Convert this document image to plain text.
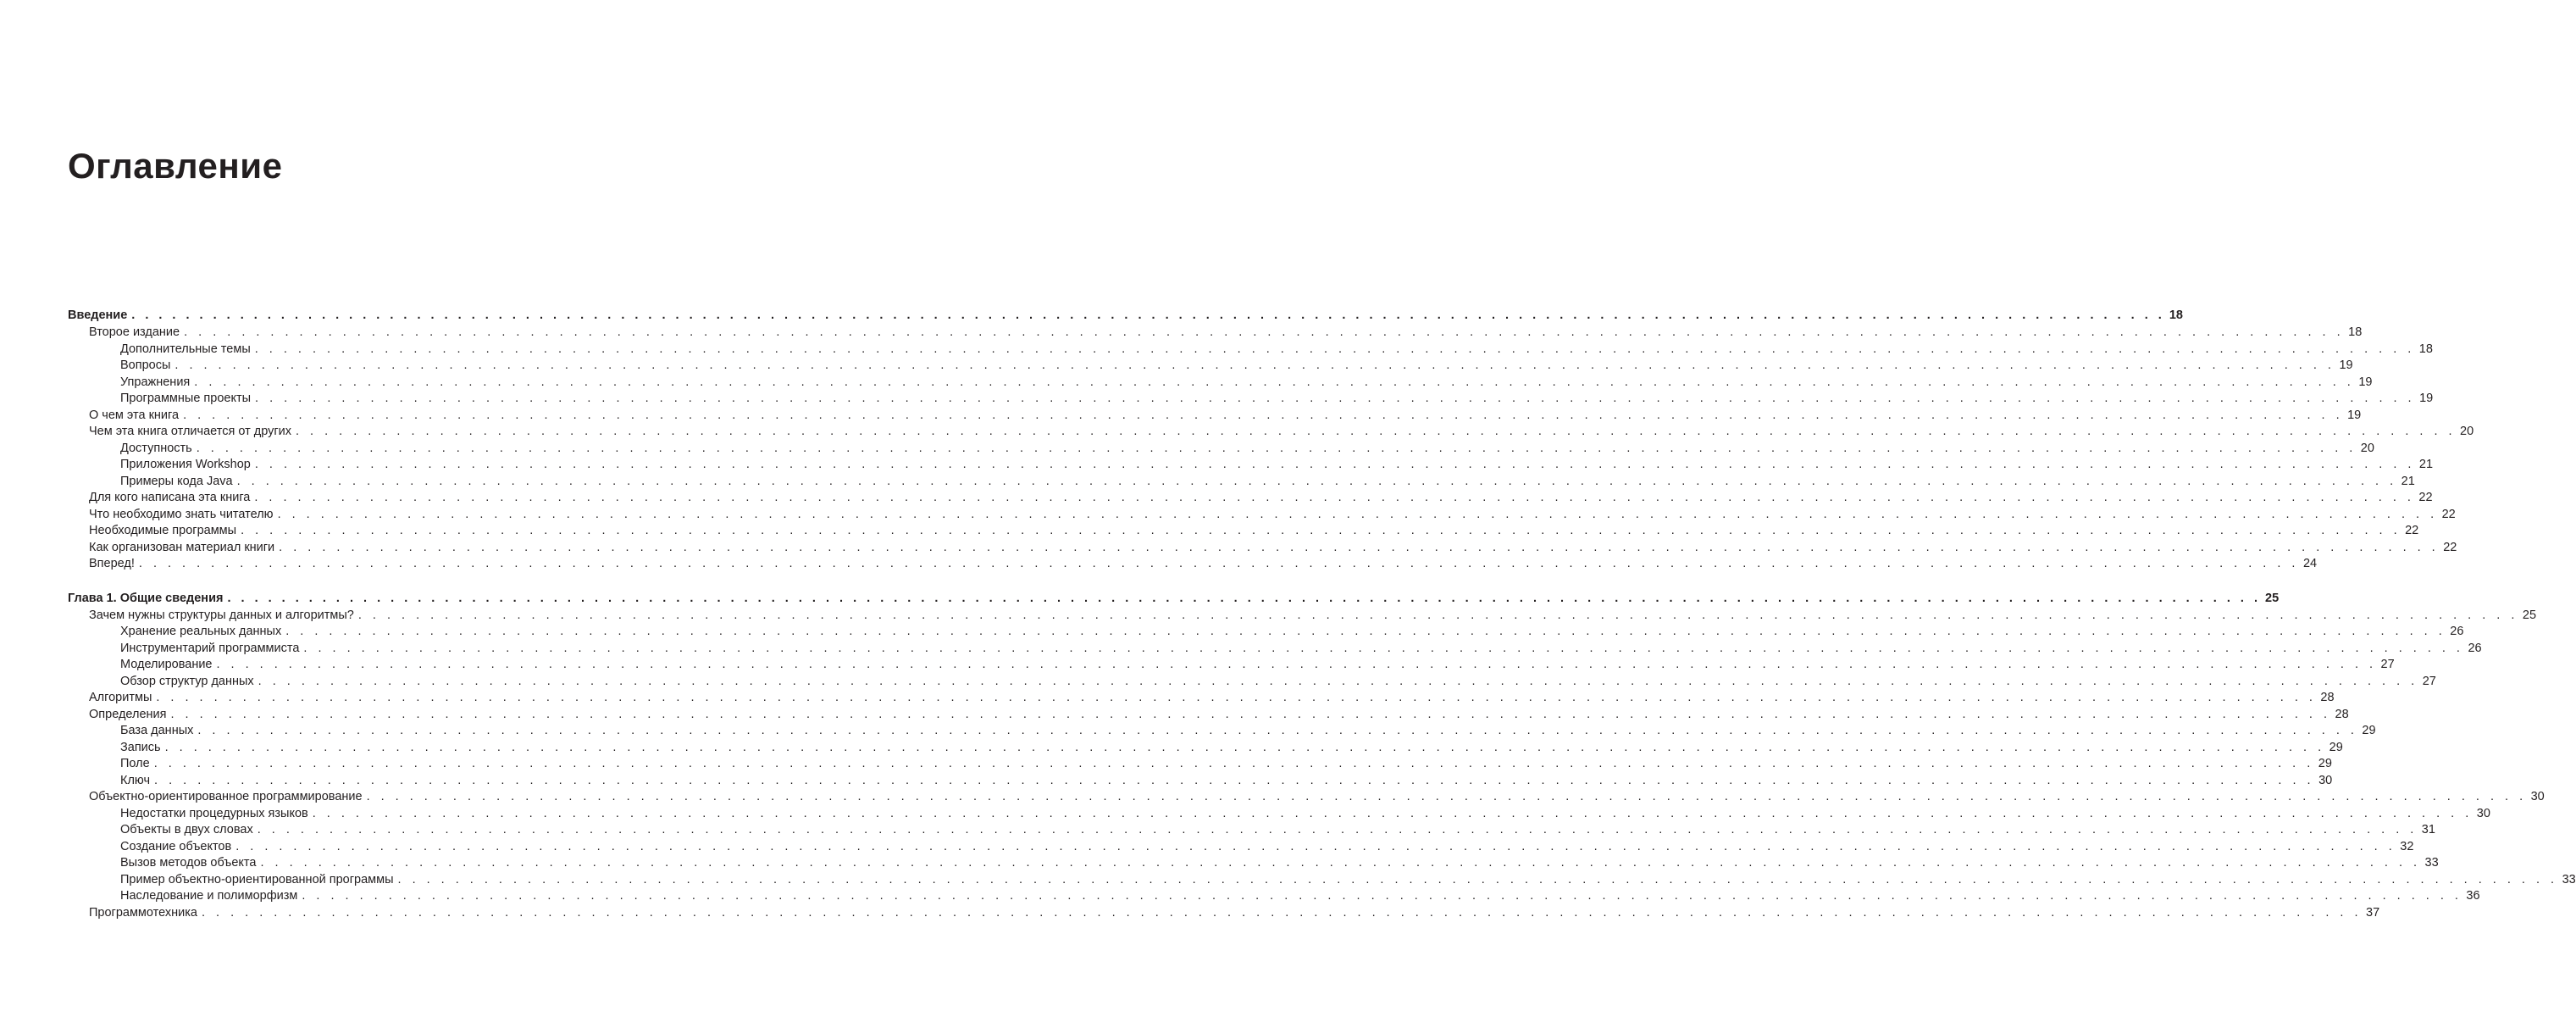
Оглавление
Введение . . . . . . . . . . . . . . . . . . . . . . . . . . . . . . . . . . . . . . . . . . . . . . . . . . . . . . . . . . . . . . . . . . . . . . . . . . . . . . . . . . . . . . . . . . . . . . . . . . . . . . . . . . . . . . . . . . . . . . . . . . . . . . . . . . . . . . . . . . . . . . . . . . . . . . 18
Второе издание . . . . . . . . . . . . . . . . . . . . . . . . . . . . . . . . . . . . . . . . . . . . . . . . . . . . . . . . . . . . . . . . . . . . . . . . . . . . . . . . . . . . . . . . . . . . . . . . . . . . . . . . . . . . . . . . . . . . . . . . . . . . . . . . . . . . . . . . . . . . . . . . . . . . . . 18
Дополнительные темы . . . . . . . . . . . . . . . . . . . . . . . . . . . . . . . . . . . . . . . . . . . . . . . . . . . . . . . . . . . . . . . . . . . . . . . . . . . . . . . . . . . . . . . . . . . . . . . . . . . . . . . . . . . . . . . . . . . . . . . . . . . . . . . . . . . . . . . . . . . . . . . . . . . . . . 18
Вопросы . . . . . . . . . . . . . . . . . . . . . . . . . . . . . . . . . . . . . . . . . . . . . . . . . . . . . . . . . . . . . . . . . . . . . . . . . . . . . . . . . . . . . . . . . . . . . . . . . . . . . . . . . . . . . . . . . . . . . . . . . . . . . . . . . . . . . . . . . . . . . . . . . . . . . . 19
Упражнения . . . . . . . . . . . . . . . . . . . . . . . . . . . . . . . . . . . . . . . . . . . . . . . . . . . . . . . . . . . . . . . . . . . . . . . . . . . . . . . . . . . . . . . . . . . . . . . . . . . . . . . . . . . . . . . . . . . . . . . . . . . . . . . . . . . . . . . . . . . . . . . . . . . . . . 19
Программные проекты . . . . . . . . . . . . . . . . . . . . . . . . . . . . . . . . . . . . . . . . . . . . . . . . . . . . . . . . . . . . . . . . . . . . . . . . . . . . . . . . . . . . . . . . . . . . . . . . . . . . . . . . . . . . . . . . . . . . . . . . . . . . . . . . . . . . . . . . . . . . . . . . . . . . . . 19
О чем эта книга . . . . . . . . . . . . . . . . . . . . . . . . . . . . . . . . . . . . . . . . . . . . . . . . . . . . . . . . . . . . . . . . . . . . . . . . . . . . . . . . . . . . . . . . . . . . . . . . . . . . . . . . . . . . . . . . . . . . . . . . . . . . . . . . . . . . . . . . . . . . . . . . . . . . . . 19
Чем эта книга отличается от других . . . . . . . . . . . . . . . . . . . . . . . . . . . . . . . . . . . . . . . . . . . . . . . . . . . . . . . . . . . . . . . . . . . . . . . . . . . . . . . . . . . . . . . . . . . . . . . . . . . . . . . . . . . . . . . . . . . . . . . . . . . . . . . . . . . . . . . . . . . . . . . . . . . . . . 20
Доступность . . . . . . . . . . . . . . . . . . . . . . . . . . . . . . . . . . . . . . . . . . . . . . . . . . . . . . . . . . . . . . . . . . . . . . . . . . . . . . . . . . . . . . . . . . . . . . . . . . . . . . . . . . . . . . . . . . . . . . . . . . . . . . . . . . . . . . . . . . . . . . . . . . . . . . 20
Приложения Workshop . . . . . . . . . . . . . . . . . . . . . . . . . . . . . . . . . . . . . . . . . . . . . . . . . . . . . . . . . . . . . . . . . . . . . . . . . . . . . . . . . . . . . . . . . . . . . . . . . . . . . . . . . . . . . . . . . . . . . . . . . . . . . . . . . . . . . . . . . . . . . . . . . . . . . . 21
Примеры кода Java . . . . . . . . . . . . . . . . . . . . . . . . . . . . . . . . . . . . . . . . . . . . . . . . . . . . . . . . . . . . . . . . . . . . . . . . . . . . . . . . . . . . . . . . . . . . . . . . . . . . . . . . . . . . . . . . . . . . . . . . . . . . . . . . . . . . . . . . . . . . . . . . . . . . . . 21
Для кого написана эта книга . . . . . . . . . . . . . . . . . . . . . . . . . . . . . . . . . . . . . . . . . . . . . . . . . . . . . . . . . . . . . . . . . . . . . . . . . . . . . . . . . . . . . . . . . . . . . . . . . . . . . . . . . . . . . . . . . . . . . . . . . . . . . . . . . . . . . . . . . . . . . . . . . . . . . . 22
Что необходимо знать читателю . . . . . . . . . . . . . . . . . . . . . . . . . . . . . . . . . . . . . . . . . . . . . . . . . . . . . . . . . . . . . . . . . . . . . . . . . . . . . . . . . . . . . . . . . . . . . . . . . . . . . . . . . . . . . . . . . . . . . . . . . . . . . . . . . . . . . . . . . . . . . . . . . . . . . . 22
Необходимые программы . . . . . . . . . . . . . . . . . . . . . . . . . . . . . . . . . . . . . . . . . . . . . . . . . . . . . . . . . . . . . . . . . . . . . . . . . . . . . . . . . . . . . . . . . . . . . . . . . . . . . . . . . . . . . . . . . . . . . . . . . . . . . . . . . . . . . . . . . . . . . . . . . . . . . . 22
Как организован материал книги . . . . . . . . . . . . . . . . . . . . . . . . . . . . . . . . . . . . . . . . . . . . . . . . . . . . . . . . . . . . . . . . . . . . . . . . . . . . . . . . . . . . . . . . . . . . . . . . . . . . . . . . . . . . . . . . . . . . . . . . . . . . . . . . . . . . . . . . . . . . . . . . . . . . . . 22
Вперед! . . . . . . . . . . . . . . . . . . . . . . . . . . . . . . . . . . . . . . . . . . . . . . . . . . . . . . . . . . . . . . . . . . . . . . . . . . . . . . . . . . . . . . . . . . . . . . . . . . . . . . . . . . . . . . . . . . . . . . . . . . . . . . . . . . . . . . . . . . . . . . . . . . . . . . 24
Глава 1. Общие сведения . . . . . . . . . . . . . . . . . . . . . . . . . . . . . . . . . . . . . . . . . . . . . . . . . . . . . . . . . . . . . . . . . . . . . . . . . . . . . . . . . . . . . . . . . . . . . . . . . . . . . . . . . . . . . . . . . . . . . . . . . . . . . . . . . . . . . . . . . . . . . . . . . . . . . . 25
Зачем нужны структуры данных и алгоритмы? . . . . . . . . . . . . . . . . . . . . . . . . . . . . . . . . . . . . . . . . . . . . . . . . . . . . . . . . . . . . . . . . . . . . . . . . . . . . . . . . . . . . . . . . . . . . . . . . . . . . . . . . . . . . . . . . . . . . . . . . . . . . . . . . . . . . . . . . . . . . . . . . . . . . . . 25
Хранение реальных данных . . . . . . . . . . . . . . . . . . . . . . . . . . . . . . . . . . . . . . . . . . . . . . . . . . . . . . . . . . . . . . . . . . . . . . . . . . . . . . . . . . . . . . . . . . . . . . . . . . . . . . . . . . . . . . . . . . . . . . . . . . . . . . . . . . . . . . . . . . . . . . . . . . . . . . 26
Инструментарий программиста . . . . . . . . . . . . . . . . . . . . . . . . . . . . . . . . . . . . . . . . . . . . . . . . . . . . . . . . . . . . . . . . . . . . . . . . . . . . . . . . . . . . . . . . . . . . . . . . . . . . . . . . . . . . . . . . . . . . . . . . . . . . . . . . . . . . . . . . . . . . . . . . . . . . . . 26
Моделирование . . . . . . . . . . . . . . . . . . . . . . . . . . . . . . . . . . . . . . . . . . . . . . . . . . . . . . . . . . . . . . . . . . . . . . . . . . . . . . . . . . . . . . . . . . . . . . . . . . . . . . . . . . . . . . . . . . . . . . . . . . . . . . . . . . . . . . . . . . . . . . . . . . . . . . 27
Обзор структур данных . . . . . . . . . . . . . . . . . . . . . . . . . . . . . . . . . . . . . . . . . . . . . . . . . . . . . . . . . . . . . . . . . . . . . . . . . . . . . . . . . . . . . . . . . . . . . . . . . . . . . . . . . . . . . . . . . . . . . . . . . . . . . . . . . . . . . . . . . . . . . . . . . . . . . . 27
Алгоритмы . . . . . . . . . . . . . . . . . . . . . . . . . . . . . . . . . . . . . . . . . . . . . . . . . . . . . . . . . . . . . . . . . . . . . . . . . . . . . . . . . . . . . . . . . . . . . . . . . . . . . . . . . . . . . . . . . . . . . . . . . . . . . . . . . . . . . . . . . . . . . . . . . . . . . . 28
Определения . . . . . . . . . . . . . . . . . . . . . . . . . . . . . . . . . . . . . . . . . . . . . . . . . . . . . . . . . . . . . . . . . . . . . . . . . . . . . . . . . . . . . . . . . . . . . . . . . . . . . . . . . . . . . . . . . . . . . . . . . . . . . . . . . . . . . . . . . . . . . . . . . . . . . . 28
База данных . . . . . . . . . . . . . . . . . . . . . . . . . . . . . . . . . . . . . . . . . . . . . . . . . . . . . . . . . . . . . . . . . . . . . . . . . . . . . . . . . . . . . . . . . . . . . . . . . . . . . . . . . . . . . . . . . . . . . . . . . . . . . . . . . . . . . . . . . . . . . . . . . . . . . . 29
Запись . . . . . . . . . . . . . . . . . . . . . . . . . . . . . . . . . . . . . . . . . . . . . . . . . . . . . . . . . . . . . . . . . . . . . . . . . . . . . . . . . . . . . . . . . . . . . . . . . . . . . . . . . . . . . . . . . . . . . . . . . . . . . . . . . . . . . . . . . . . . . . . . . . . . . . 29
Поле . . . . . . . . . . . . . . . . . . . . . . . . . . . . . . . . . . . . . . . . . . . . . . . . . . . . . . . . . . . . . . . . . . . . . . . . . . . . . . . . . . . . . . . . . . . . . . . . . . . . . . . . . . . . . . . . . . . . . . . . . . . . . . . . . . . . . . . . . . . . . . . . . . . . . . 29
Ключ . . . . . . . . . . . . . . . . . . . . . . . . . . . . . . . . . . . . . . . . . . . . . . . . . . . . . . . . . . . . . . . . . . . . . . . . . . . . . . . . . . . . . . . . . . . . . . . . . . . . . . . . . . . . . . . . . . . . . . . . . . . . . . . . . . . . . . . . . . . . . . . . . . . . . . 30
Объектно-ориентированное программирование . . . . . . . . . . . . . . . . . . . . . . . . . . . . . . . . . . . . . . . . . . . . . . . . . . . . . . . . . . . . . . . . . . . . . . . . . . . . . . . . . . . . . . . . . . . . . . . . . . . . . . . . . . . . . . . . . . . . . . . . . . . . . . . . . . . . . . . . . . . . . . . . . . . . . . 30
Недостатки процедурных языков . . . . . . . . . . . . . . . . . . . . . . . . . . . . . . . . . . . . . . . . . . . . . . . . . . . . . . . . . . . . . . . . . . . . . . . . . . . . . . . . . . . . . . . . . . . . . . . . . . . . . . . . . . . . . . . . . . . . . . . . . . . . . . . . . . . . . . . . . . . . . . . . . . . . . . 30
Объекты в двух словах . . . . . . . . . . . . . . . . . . . . . . . . . . . . . . . . . . . . . . . . . . . . . . . . . . . . . . . . . . . . . . . . . . . . . . . . . . . . . . . . . . . . . . . . . . . . . . . . . . . . . . . . . . . . . . . . . . . . . . . . . . . . . . . . . . . . . . . . . . . . . . . . . . . . . . 31
Создание объектов . . . . . . . . . . . . . . . . . . . . . . . . . . . . . . . . . . . . . . . . . . . . . . . . . . . . . . . . . . . . . . . . . . . . . . . . . . . . . . . . . . . . . . . . . . . . . . . . . . . . . . . . . . . . . . . . . . . . . . . . . . . . . . . . . . . . . . . . . . . . . . . . . . . . . . 32
Вызов методов объекта . . . . . . . . . . . . . . . . . . . . . . . . . . . . . . . . . . . . . . . . . . . . . . . . . . . . . . . . . . . . . . . . . . . . . . . . . . . . . . . . . . . . . . . . . . . . . . . . . . . . . . . . . . . . . . . . . . . . . . . . . . . . . . . . . . . . . . . . . . . . . . . . . . . . . . 33
Пример объектно-ориентированной программы . . . . . . . . . . . . . . . . . . . . . . . . . . . . . . . . . . . . . . . . . . . . . . . . . . . . . . . . . . . . . . . . . . . . . . . . . . . . . . . . . . . . . . . . . . . . . . . . . . . . . . . . . . . . . . . . . . . . . . . . . . . . . . . . . . . . . . . . . . . . . . . . . . . . . . 33
Наследование и полиморфизм . . . . . . . . . . . . . . . . . . . . . . . . . . . . . . . . . . . . . . . . . . . . . . . . . . . . . . . . . . . . . . . . . . . . . . . . . . . . . . . . . . . . . . . . . . . . . . . . . . . . . . . . . . . . . . . . . . . . . . . . . . . . . . . . . . . . . . . . . . . . . . . . . . . . . . 36
Программотехника . . . . . . . . . . . . . . . . . . . . . . . . . . . . . . . . . . . . . . . . . . . . . . . . . . . . . . . . . . . . . . . . . . . . . . . . . . . . . . . . . . . . . . . . . . . . . . . . . . . . . . . . . . . . . . . . . . . . . . . . . . . . . . . . . . . . . . . . . . . . . . . . . . . . . . 37
